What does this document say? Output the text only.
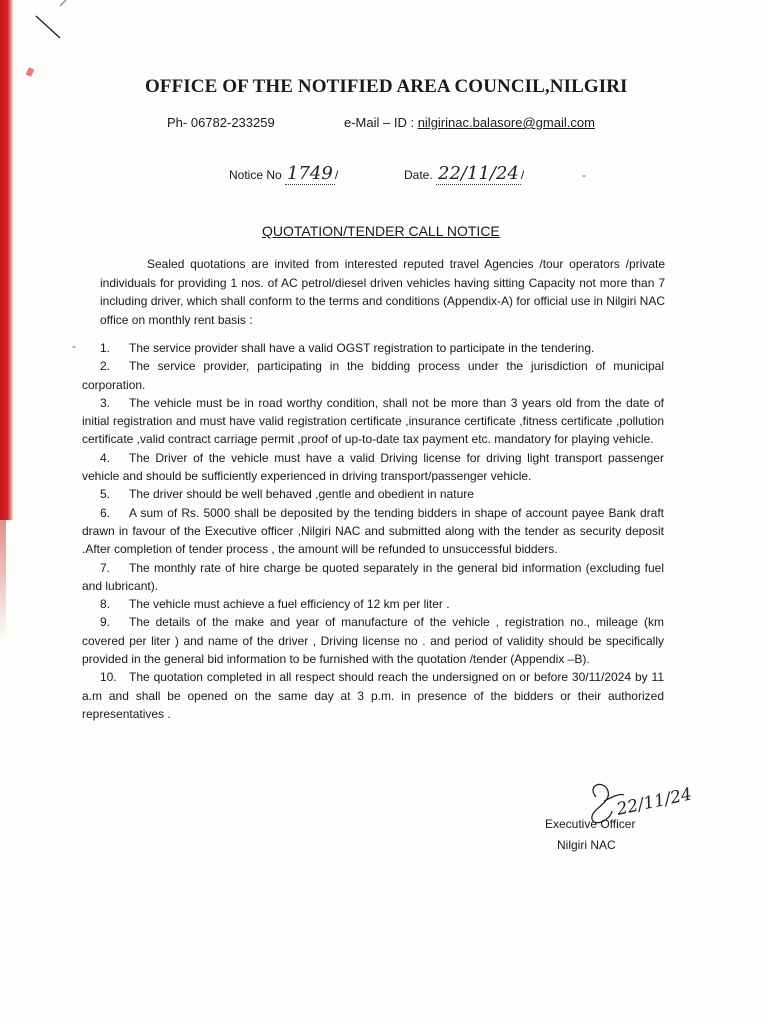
-
-
OFFICE OF THE NOTIFIED AREA COUNCIL,NILGIRI
Ph- 06782-233259	e-Mail – ID : nilgirinac.balasore@gmail.com
Notice No 1749 /	Date. 22/11/24 /
QUOTATION/TENDER CALL NOTICE
Sealed quotations are invited from interested reputed travel Agencies /tour operators /private individuals for providing 1 nos. of AC petrol/diesel driven vehicles having sitting Capacity not more than 7 including driver, which shall conform to the terms and conditions (Appendix-A) for official use in Nilgiri NAC office on monthly rent basis :

1. The service provider shall have a valid OGST registration to participate in the tendering.

2. The service provider, participating in the bidding process under the jurisdiction of municipal corporation.

3. The vehicle must be in road worthy condition, shall not be more than 3 years old from the date of initial registration and must have valid registration certificate ,insurance certificate ,fitness certificate ,pollution certificate ,valid contract carriage permit ,proof of up-to-date tax payment etc. mandatory for playing vehicle.

4. The Driver of the vehicle must have a valid Driving license for driving light transport passenger vehicle and should be sufficiently experienced in driving transport/passenger vehicle.

5. The driver should be well behaved ,gentle and obedient in nature

6. A sum of Rs. 5000 shall be deposited by the tending bidders in shape of account payee Bank draft drawn in favour of the Executive officer ,Nilgiri NAC and submitted along with the tender as security deposit .After completion of tender process , the amount will be refunded to unsuccessful bidders.

7. The monthly rate of hire charge be quoted separately in the general bid information (excluding fuel and lubricant).

8. The vehicle must achieve a fuel efficiency of 12 km per liter .

9. The details of the make and year of manufacture of the vehicle , registration no., mileage (km covered per liter ) and name of the driver , Driving license no . and period of validity should be specifically provided in the general bid information to be furnished with the quotation /tender (Appendix –B).

10. The quotation completed in all respect should reach the undersigned on or before 30/11/2024 by 11 a.m and shall be opened on the same day at 3 p.m. in presence of the bidders or their authorized representatives .

22/11/24
Executive Officer
Nilgiri NAC
